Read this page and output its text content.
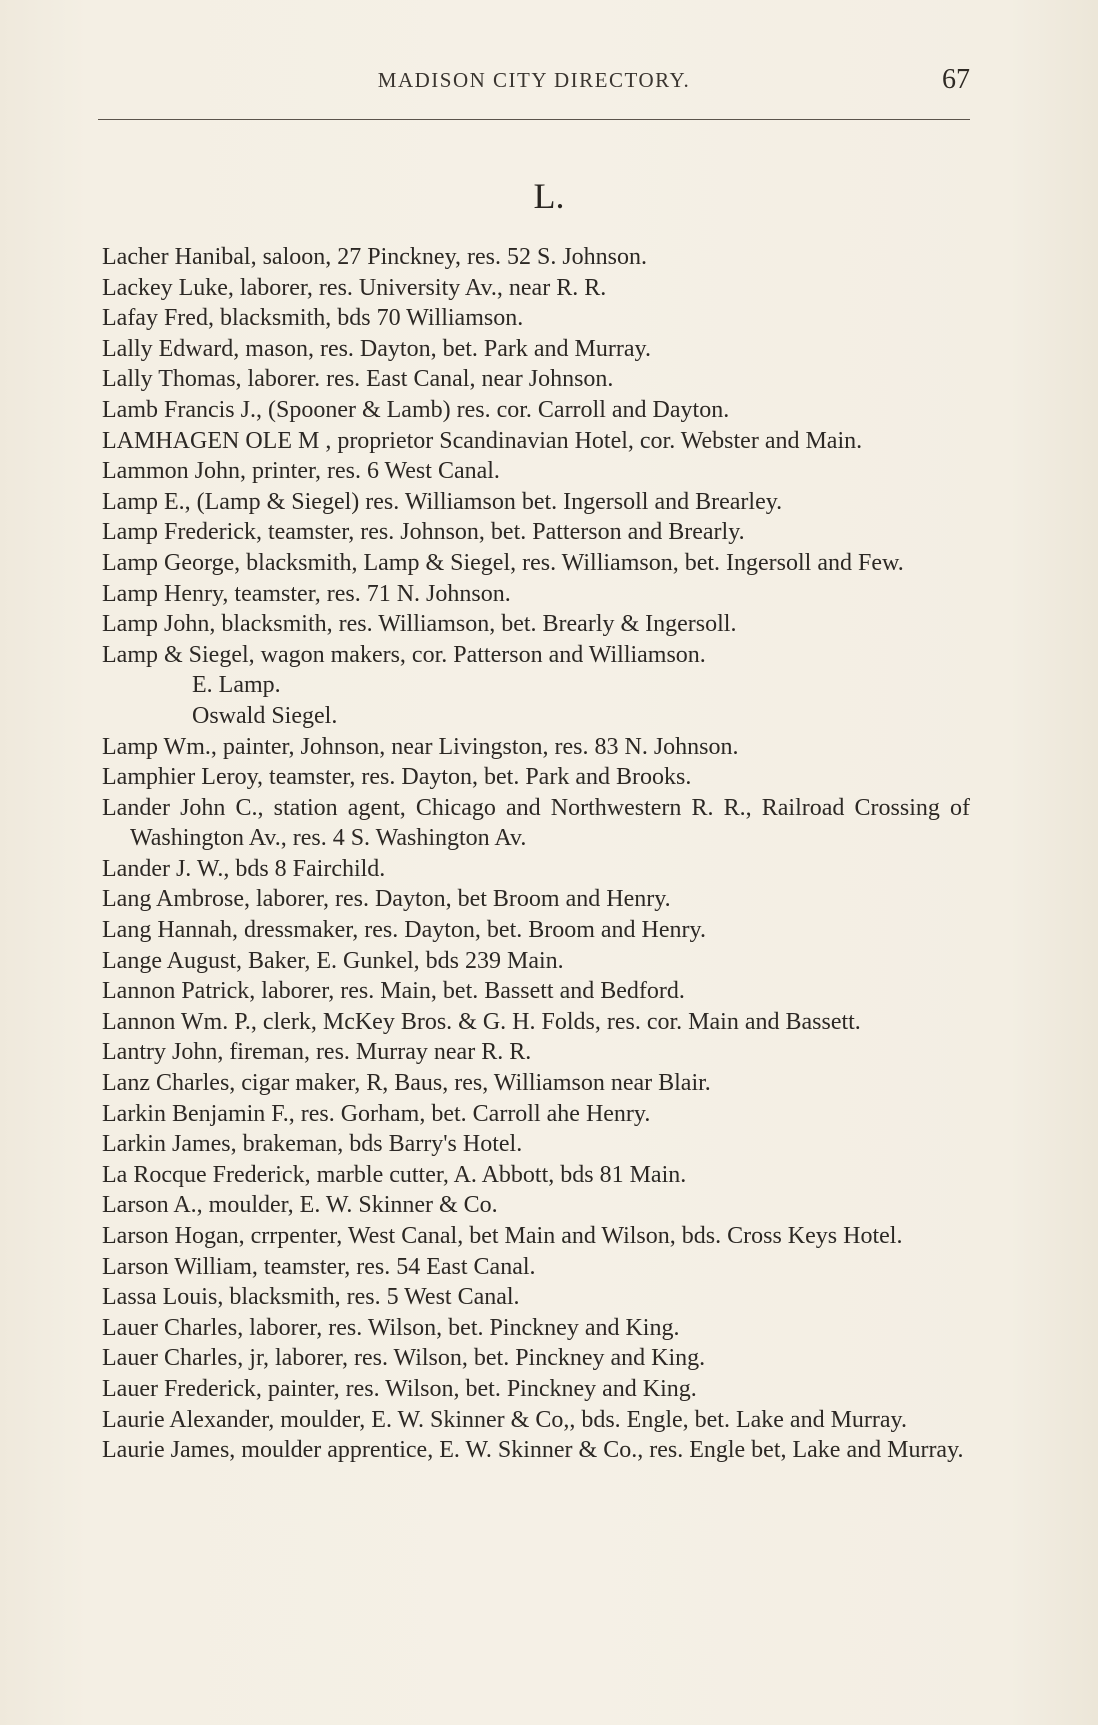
MADISON CITY DIRECTORY.	67
L.
Lacher Hanibal, saloon, 27 Pinckney, res. 52 S. Johnson.
Lackey Luke, laborer, res. University Av., near R. R.
Lafay Fred, blacksmith, bds 70 Williamson.
Lally Edward, mason, res. Dayton, bet. Park and Murray.
Lally Thomas, laborer. res. East Canal, near Johnson.
Lamb Francis J., (Spooner & Lamb) res. cor. Carroll and Dayton.
LAMHAGEN OLE M , proprietor Scandinavian Hotel, cor. Webster and Main.
Lammon John, printer, res. 6 West Canal.
Lamp E., (Lamp & Siegel) res. Williamson bet. Ingersoll and Brearley.
Lamp Frederick, teamster, res. Johnson, bet. Patterson and Brearly.
Lamp George, blacksmith, Lamp & Siegel, res. Williamson, bet. Ingersoll and Few.
Lamp Henry, teamster, res. 71 N. Johnson.
Lamp John, blacksmith, res. Williamson, bet. Brearly & Ingersoll.
Lamp & Siegel, wagon makers, cor. Patterson and Williamson.
E. Lamp.
Oswald Siegel.
Lamp Wm., painter, Johnson, near Livingston, res. 83 N. Johnson.
Lamphier Leroy, teamster, res. Dayton, bet. Park and Brooks.
Lander John C., station agent, Chicago and Northwestern R. R., Railroad Crossing of Washington Av., res. 4 S. Washington Av.
Lander J. W., bds 8 Fairchild.
Lang Ambrose, laborer, res. Dayton, bet Broom and Henry.
Lang Hannah, dressmaker, res. Dayton, bet. Broom and Henry.
Lange August, Baker, E. Gunkel, bds 239 Main.
Lannon Patrick, laborer, res. Main, bet. Bassett and Bedford.
Lannon Wm. P., clerk, McKey Bros. & G. H. Folds, res. cor. Main and Bassett.
Lantry John, fireman, res. Murray near R. R.
Lanz Charles, cigar maker, R, Baus, res, Williamson near Blair.
Larkin Benjamin F., res. Gorham, bet. Carroll ahe Henry.
Larkin James, brakeman, bds Barry's Hotel.
La Rocque Frederick, marble cutter, A. Abbott, bds 81 Main.
Larson A., moulder, E. W. Skinner & Co.
Larson Hogan, crrpenter, West Canal, bet Main and Wilson, bds. Cross Keys Hotel.
Larson William, teamster, res. 54 East Canal.
Lassa Louis, blacksmith, res. 5 West Canal.
Lauer Charles, laborer, res. Wilson, bet. Pinckney and King.
Lauer Charles, jr, laborer, res. Wilson, bet. Pinckney and King.
Lauer Frederick, painter, res. Wilson, bet. Pinckney and King.
Laurie Alexander, moulder, E. W. Skinner & Co,, bds. Engle, bet. Lake and Murray.
Laurie James, moulder apprentice, E. W. Skinner & Co., res. Engle bet, Lake and Murray.
